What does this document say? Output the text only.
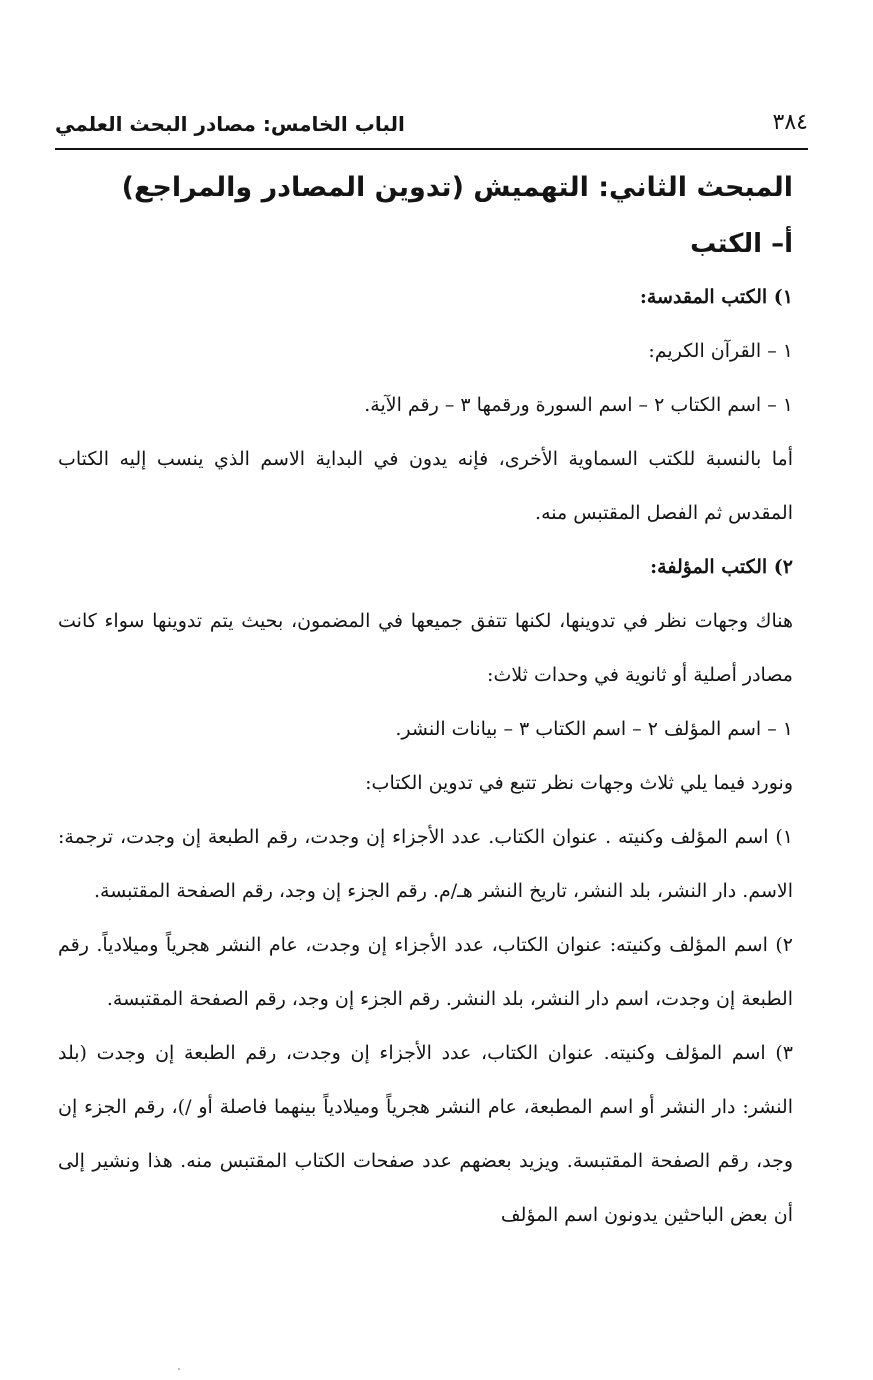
٣٨٤
الباب الخامس: مصادر البحث العلمي

المبحث الثاني: التهميش (تدوين المصادر والمراجع)

أ– الكتب

١) الكتب المقدسة:

١ – القرآن الكريم:

١ – اسم الكتاب ٢ – اسم السورة ورقمها ٣ – رقم الآية.

أما بالنسبة للكتب السماوية الأخرى، فإنه يدون في البداية الاسم الذي ينسب إليه الكتاب المقدس ثم الفصل المقتبس منه.

٢) الكتب المؤلفة:

هناك وجهات نظر في تدوينها، لكنها تتفق جميعها في المضمون، بحيث يتم تدوينها سواء كانت مصادر أصلية أو ثانوية في وحدات ثلاث:

١ – اسم المؤلف ٢ – اسم الكتاب ٣ – بيانات النشر.

ونورد فيما يلي ثلاث وجهات نظر تتبع في تدوين الكتاب:

١) اسم المؤلف وكنيته . عنوان الكتاب. عدد الأجزاء إن وجدت، رقم الطبعة إن وجدت، ترجمة: الاسم. دار النشر، بلد النشر، تاريخ النشر هـ/م. رقم الجزء إن وجد، رقم الصفحة المقتبسة.

٢) اسم المؤلف وكنيته: عنوان الكتاب، عدد الأجزاء إن وجدت، عام النشر هجرياً وميلادياً. رقم الطبعة إن وجدت، اسم دار النشر، بلد النشر. رقم الجزء إن وجد، رقم الصفحة المقتبسة.

٣) اسم المؤلف وكنيته. عنوان الكتاب، عدد الأجزاء إن وجدت، رقم الطبعة إن وجدت (بلد النشر: دار النشر أو اسم المطبعة، عام النشر هجرياً وميلادياً بينهما فاصلة أو /)، رقم الجزء إن وجد، رقم الصفحة المقتبسة. ويزيد بعضهم عدد صفحات الكتاب المقتبس منه. هذا ونشير إلى أن بعض الباحثين يدونون اسم المؤلف
